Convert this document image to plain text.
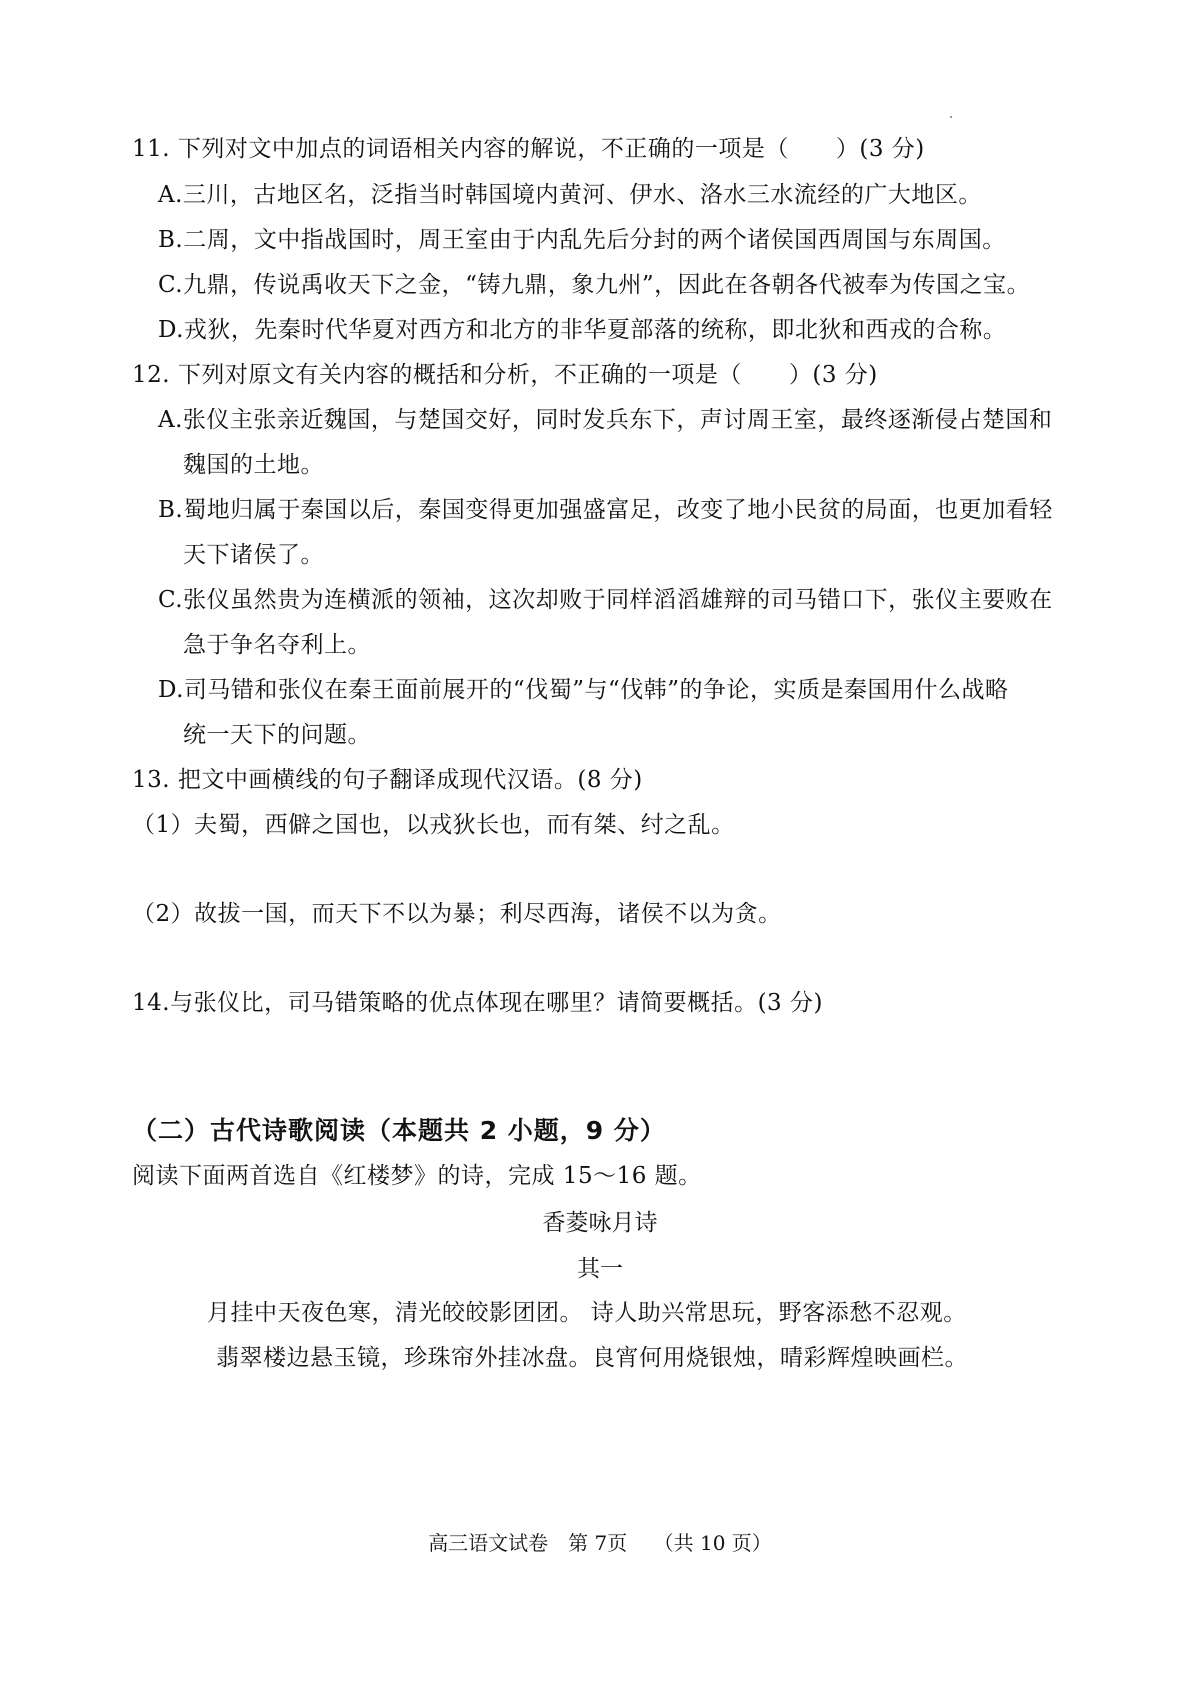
11. 下列对文中加点的词语相关内容的解说，不正确的一项是（　　）(3 分)
A.三川，古地区名，泛指当时韩国境内黄河、伊水、洛水三水流经的广大地区。
B.二周，文中指战国时，周王室由于内乱先后分封的两个诸侯国西周国与东周国。
C.九鼎，传说禹收天下之金，“铸九鼎，象九州”，因此在各朝各代被奉为传国之宝。
D.戎狄，先秦时代华夏对西方和北方的非华夏部落的统称，即北狄和西戎的合称。
12. 下列对原文有关内容的概括和分析，不正确的一项是（　　）(3 分)
A.张仪主张亲近魏国，与楚国交好，同时发兵东下，声讨周王室，最终逐渐侵占楚国和
魏国的土地。
B.蜀地归属于秦国以后，秦国变得更加强盛富足，改变了地小民贫的局面，也更加看轻
天下诸侯了。
C.张仪虽然贵为连横派的领袖，这次却败于同样滔滔雄辩的司马错口下，张仪主要败在
急于争名夺利上。
D.司马错和张仪在秦王面前展开的“伐蜀”与“伐韩”的争论，实质是秦国用什么战略
统一天下的问题。
13. 把文中画横线的句子翻译成现代汉语。(8 分)
（1）夫蜀，西僻之国也，以戎狄长也，而有桀、纣之乱。
（2）故拔一国，而天下不以为暴；利尽西海，诸侯不以为贪。
14.与张仪比，司马错策略的优点体现在哪里？请简要概括。(3 分)
（二）古代诗歌阅读（本题共 2 小题，9 分）
阅读下面两首选自《红楼梦》的诗，完成 15～16 题。
香菱咏月诗
其一
月挂中天夜色寒，清光皎皎影团团。 诗人助兴常思玩，野客添愁不忍观。
翡翠楼边悬玉镜，珍珠帘外挂冰盘。良宵何用烧银烛，晴彩辉煌映画栏。
高三语文试卷　第 7页　 （共 10 页）
